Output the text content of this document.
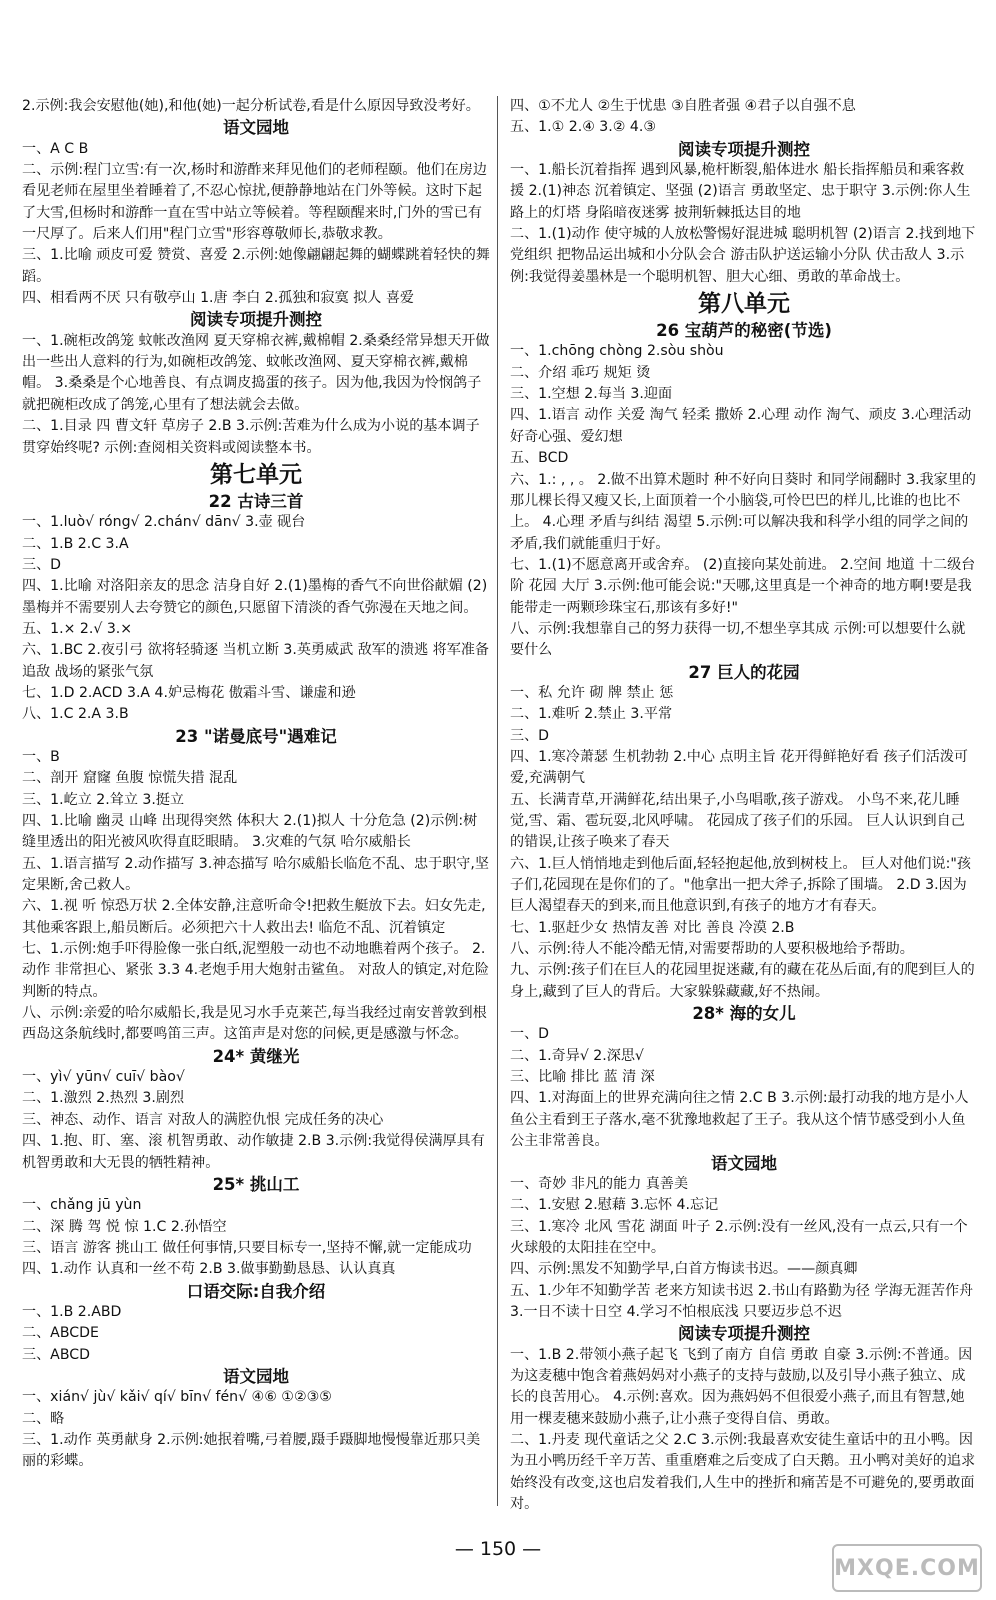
2.示例:我会安慰他(她),和他(她)一起分析试卷,看是什么原因导致没考好。
语文园地
一、A C B
二、示例:程门立雪:有一次,杨时和游酢来拜见他们的老师程颐。他们在房边看见老师在屋里坐着睡着了,不忍心惊扰,便静静地站在门外等候。这时下起了大雪,但杨时和游酢一直在雪中站立等候着。等程颐醒来时,门外的雪已有一尺厚了。后来人们用"程门立雪"形容尊敬师长,恭敬求教。
三、1.比喻 顽皮可爱 赞赏、喜爱 2.示例:她像翩翩起舞的蝴蝶跳着轻快的舞蹈。
四、相看两不厌 只有敬亭山 1.唐 李白 2.孤独和寂寞 拟人 喜爱
阅读专项提升测控
一、1.碗柜改鸽笼 蚊帐改渔网 夏天穿棉衣裤,戴棉帽 2.桑桑经常异想天开做出一些出人意料的行为,如碗柜改鸽笼、蚊帐改渔网、夏天穿棉衣裤,戴棉帽。 3.桑桑是个心地善良、有点调皮捣蛋的孩子。因为他,我因为怜悯鸽子就把碗柜改成了鸽笼,心里有了想法就会去做。
二、1.目录 四 曹文轩 草房子 2.B 3.示例:苦难为什么成为小说的基本调子贯穿始终呢? 示例:查阅相关资料或阅读整本书。
第七单元
22 古诗三首
一、1.luò√ róng√ 2.chán√ dān√ 3.壶 砚台
二、1.B 2.C 3.A
三、D
四、1.比喻 对洛阳亲友的思念 洁身自好 2.(1)墨梅的香气不向世俗献媚 (2)墨梅并不需要别人去夸赞它的颜色,只愿留下清淡的香气弥漫在天地之间。
五、1.× 2.√ 3.×
六、1.BC 2.夜引弓 欲将轻骑逐 当机立断 3.英勇威武 敌军的溃逃 将军准备追敌 战场的紧张气氛
七、1.D 2.ACD 3.A 4.妒忌梅花 傲霜斗雪、谦虚和逊
八、1.C 2.A 3.B
23 "诺曼底号"遇难记
一、B
二、剖开 窟窿 鱼腹 惊慌失措 混乱
三、1.屹立 2.耸立 3.挺立
四、1.比喻 幽灵 山峰 出现得突然 体积大 2.(1)拟人 十分危急 (2)示例:树缝里透出的阳光被风吹得直眨眼睛。 3.灾难的气氛 哈尔威船长
五、1.语言描写 2.动作描写 3.神态描写 哈尔威船长临危不乱、忠于职守,坚定果断,舍己救人。
六、1.视 听 惊恐万状 2.全体安静,注意听命令!把救生艇放下去。妇女先走,其他乘客跟上,船员断后。必须把六十人救出去! 临危不乱、沉着镇定
七、1.示例:炮手吓得脸像一张白纸,泥塑般一动也不动地瞧着两个孩子。 2.动作 非常担心、紧张 3.3 4.老炮手用大炮射击鲨鱼。 对敌人的镇定,对危险判断的特点。
八、示例:亲爱的哈尔威船长,我是见习水手克莱芒,每当我经过南安普敦到根西岛这条航线时,都要鸣笛三声。这笛声是对您的问候,更是感激与怀念。
24* 黄继光
一、yì√ yūn√ cuī√ bào√
二、1.激烈 2.热烈 3.剧烈
三、神态、动作、语言 对敌人的满腔仇恨 完成任务的决心
四、1.抱、盯、塞、滚 机智勇敢、动作敏捷 2.B 3.示例:我觉得侯满厚具有机智勇敢和大无畏的牺牲精神。
25* 挑山工
一、chǎng jū yùn
二、深 腾 驾 悦 惊 1.C 2.孙悟空
三、语言 游客 挑山工 做任何事情,只要目标专一,坚持不懈,就一定能成功
四、1.动作 认真和一丝不苟 2.B 3.做事勤勤恳恳、认认真真
口语交际:自我介绍
一、1.B 2.ABD
二、ABCDE
三、ABCD
语文园地
一、xián√ jù√ kǎi√ qí√ bīn√ fén√ ④⑥ ①②③⑤
二、略
三、1.动作 英勇献身 2.示例:她抿着嘴,弓着腰,蹑手蹑脚地慢慢靠近那只美丽的彩蝶。
四、①不尤人 ②生于忧患 ③自胜者强 ④君子以自强不息
五、1.① 2.④ 3.② 4.③
阅读专项提升测控
一、1.船长沉着指挥 遇到风暴,桅杆断裂,船体进水 船长指挥船员和乘客救援 2.(1)神态 沉着镇定、坚强 (2)语言 勇敢坚定、忠于职守 3.示例:你人生路上的灯塔 身陷暗夜迷雾 披荆斩棘抵达目的地
二、1.(1)动作 使守城的人放松警惕好混进城 聪明机智 (2)语言 2.找到地下党组织 把物品运出城和小分队会合 游击队护送运输小分队 伏击敌人 3.示例:我觉得姜墨林是一个聪明机智、胆大心细、勇敢的革命战士。
第八单元
26 宝葫芦的秘密(节选)
一、1.chōng chòng 2.sòu shòu
二、介绍 乖巧 规矩 烫
三、1.空想 2.每当 3.迎面
四、1.语言 动作 关爱 淘气 轻柔 撒娇 2.心理 动作 淘气、顽皮 3.心理活动 好奇心强、爱幻想
五、BCD
六、1.: , , 。 2.做不出算术题时 种不好向日葵时 和同学闹翻时 3.我家里的那儿棵长得又瘦又长,上面顶着一个小脑袋,可怜巴巴的样儿,比谁的也比不上。 4.心理 矛盾与纠结 渴望 5.示例:可以解决我和科学小组的同学之间的矛盾,我们就能重归于好。
七、1.(1)不愿意离开或舍弃。 (2)直接向某处前进。 2.空间 地道 十二级台阶 花园 大厅 3.示例:他可能会说:"天哪,这里真是一个神奇的地方啊!要是我能带走一两颗珍珠宝石,那该有多好!"
八、示例:我想靠自己的努力获得一切,不想坐享其成 示例:可以想要什么就要什么
27 巨人的花园
一、私 允许 砌 牌 禁止 惩
二、1.难听 2.禁止 3.平常
三、D
四、1.寒冷萧瑟 生机勃勃 2.中心 点明主旨 花开得鲜艳好看 孩子们活泼可爱,充满朝气
五、长满青草,开满鲜花,结出果子,小鸟唱歌,孩子游戏。 小鸟不来,花儿睡觉,雪、霜、雹玩耍,北风呼啸。 花园成了孩子们的乐园。 巨人认识到自己的错误,让孩子唤来了春天
六、1.巨人悄悄地走到他后面,轻轻抱起他,放到树枝上。 巨人对他们说:"孩子们,花园现在是你们的了。"他拿出一把大斧子,拆除了围墙。 2.D 3.因为巨人渴望春天的到来,而且他意识到,有孩子的地方才有春天。
七、1.驱赶少女 热情友善 对比 善良 冷漠 2.B
八、示例:待人不能冷酷无情,对需要帮助的人要积极地给予帮助。
九、示例:孩子们在巨人的花园里捉迷藏,有的藏在花丛后面,有的爬到巨人的身上,藏到了巨人的背后。大家躲躲藏藏,好不热闹。
28* 海的女儿
一、D
二、1.奇异√ 2.深思√
三、比喻 排比 蓝 清 深
四、1.对海面上的世界充满向往之情 2.C B 3.示例:最打动我的地方是小人鱼公主看到王子落水,毫不犹豫地救起了王子。我从这个情节感受到小人鱼公主非常善良。
语文园地
一、奇妙 非凡的能力 真善美
二、1.安慰 2.慰藉 3.忘怀 4.忘记
三、1.寒冷 北风 雪花 湖面 叶子 2.示例:没有一丝风,没有一点云,只有一个火球般的太阳挂在空中。
四、示例:黑发不知勤学早,白首方悔读书迟。——颜真卿
五、1.少年不知勤学苦 老来方知读书迟 2.书山有路勤为径 学海无涯苦作舟 3.一日不读十日空 4.学习不怕根底浅 只要迈步总不迟
阅读专项提升测控
一、1.B 2.带领小燕子起飞 飞到了南方 自信 勇敢 自豪 3.示例:不普通。因为这麦穗中饱含着燕妈妈对小燕子的支持与鼓励,以及引导小燕子独立、成长的良苦用心。 4.示例:喜欢。因为燕妈妈不但很爱小燕子,而且有智慧,她用一棵麦穗来鼓励小燕子,让小燕子变得自信、勇敢。
二、1.丹麦 现代童话之父 2.C 3.示例:我最喜欢安徒生童话中的丑小鸭。因为丑小鸭历经千辛万苦、重重磨难之后变成了白天鹅。丑小鸭对美好的追求始终没有改变,这也启发着我们,人生中的挫折和痛苦是不可避免的,要勇敢面对。
— 150 —
MXQE.COM
